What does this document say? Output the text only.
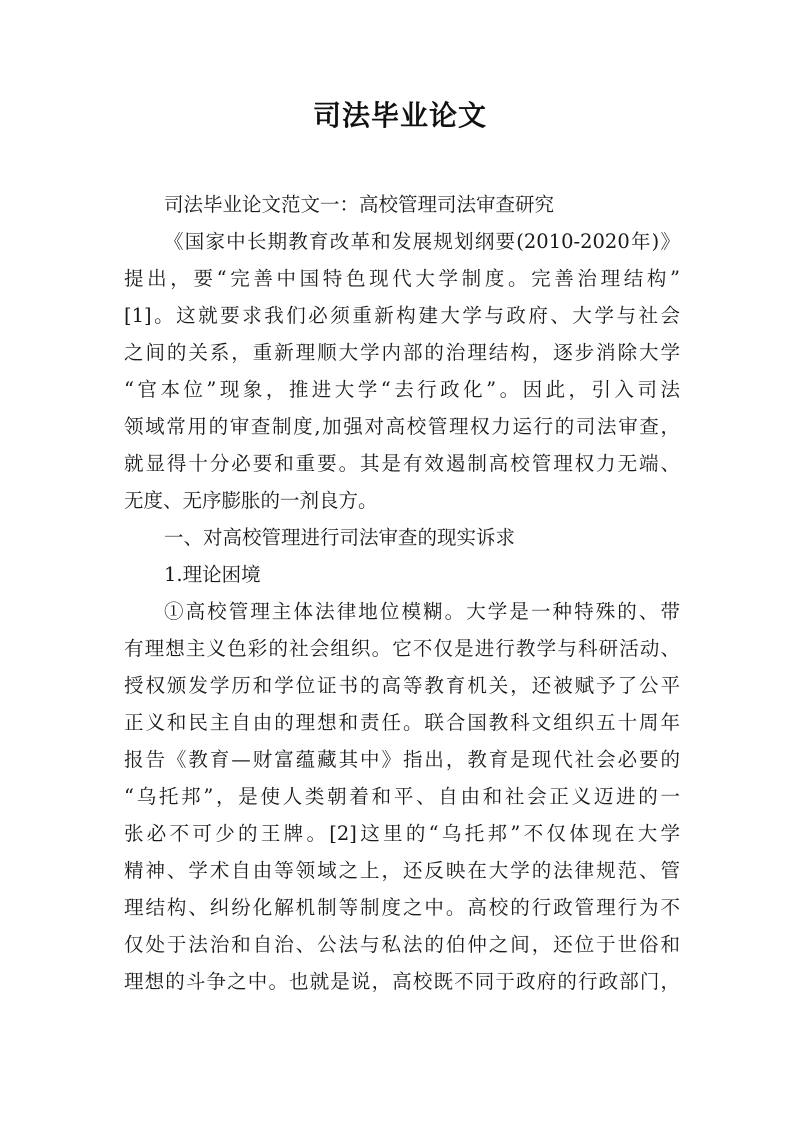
司法毕业论文
司法毕业论文范文一：高校管理司法审查研究
《国家中长期教育改革和发展规划纲要(2010-2020年)》
提出，要“完善中国特色现代大学制度。完善治理结构”
[1]。这就要求我们必须重新构建大学与政府、大学与社会
之间的关系，重新理顺大学内部的治理结构，逐步消除大学
“官本位”现象，推进大学“去行政化”。因此，引入司法
领域常用的审查制度,加强对高校管理权力运行的司法审查，
就显得十分必要和重要。其是有效遏制高校管理权力无端、
无度、无序膨胀的一剂良方。
一、对高校管理进行司法审查的现实诉求
1.理论困境
①高校管理主体法律地位模糊。大学是一种特殊的、带
有理想主义色彩的社会组织。它不仅是进行教学与科研活动、
授权颁发学历和学位证书的高等教育机关，还被赋予了公平
正义和民主自由的理想和责任。联合国教科文组织五十周年
报告《教育—财富蕴藏其中》指出，教育是现代社会必要的
“乌托邦”，是使人类朝着和平、自由和社会正义迈进的一
张必不可少的王牌。[2]这里的“乌托邦”不仅体现在大学
精神、学术自由等领域之上，还反映在大学的法律规范、管
理结构、纠纷化解机制等制度之中。高校的行政管理行为不
仅处于法治和自治、公法与私法的伯仲之间，还位于世俗和
理想的斗争之中。也就是说，高校既不同于政府的行政部门，
